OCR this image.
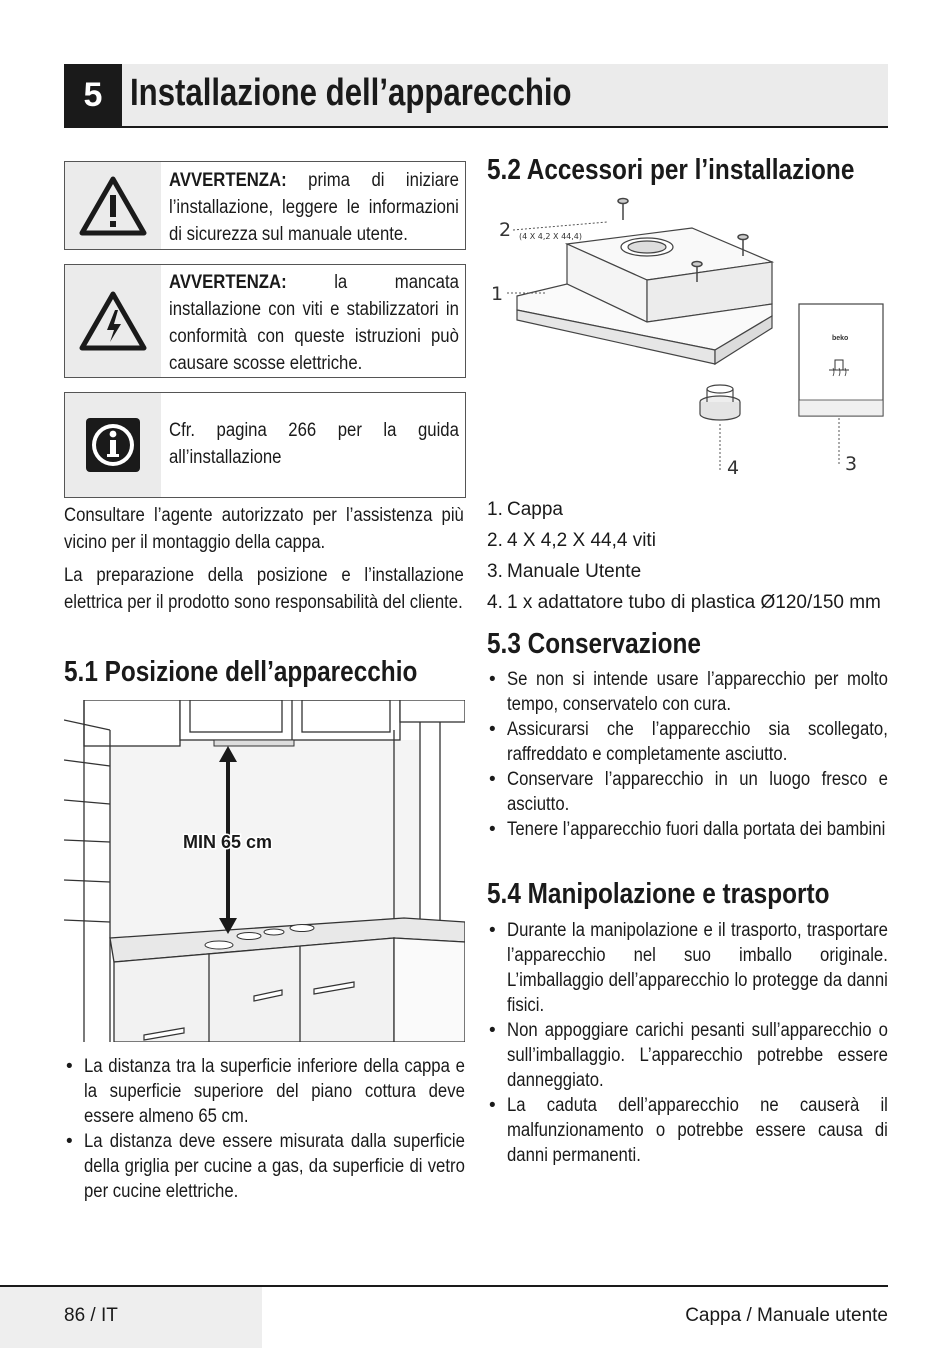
5 Installazione dell’apparecchio
AVVERTENZA: prima di iniziare l’installazione, leggere le informazioni di sicurezza sul manuale utente.
AVVERTENZA: la mancata installazione con viti e stabilizzatori in conformità con queste istruzioni può causare scosse elettriche.
Cfr. pagina 266 per la guida all’installazione
Consultare l’agente autorizzato per l’assistenza più vicino per il montaggio della cappa.
La preparazione della posizione e l’installazione elettrica per il prodotto sono responsabilità del cliente.
5.1 Posizione dell’apparecchio
MIN 65 cm
• La distanza tra la superficie inferiore della cappa e la superficie superiore del piano cottura deve essere almeno 65 cm.
• La distanza deve essere misurata dalla superficie della griglia per cucine a gas, da superficie di vetro per cucine elettriche.
5.2 Accessori per l’installazione
2 (4 X 4,2 X 44,4)
1
4
beko
3
1. Cappa
2. 4 X 4,2 X 44,4 viti
3. Manuale Utente
4. 1 x adattatore tubo di plastica Ø120/150 mm
5.3 Conservazione
• Se non si intende usare l’apparecchio per molto tempo, conservatelo con cura.
• Assicurarsi che l’apparecchio sia scollegato, raffreddato e completamente asciutto.
• Conservare l’apparecchio in un luogo fresco e asciutto.
• Tenere l’apparecchio fuori dalla portata dei bambini
5.4 Manipolazione e trasporto
• Durante la manipolazione e il trasporto, trasportare l’apparecchio nel suo imballo originale. L’imballaggio dell’apparecchio lo protegge da danni fisici.
• Non appoggiare carichi pesanti sull’apparecchio o sull’imballaggio. L’apparecchio potrebbe essere danneggiato.
• La caduta dell’apparecchio ne causerà il malfunzionamento o potrebbe essere causa di danni permanenti.
86 / IT	Cappa / Manuale utente
